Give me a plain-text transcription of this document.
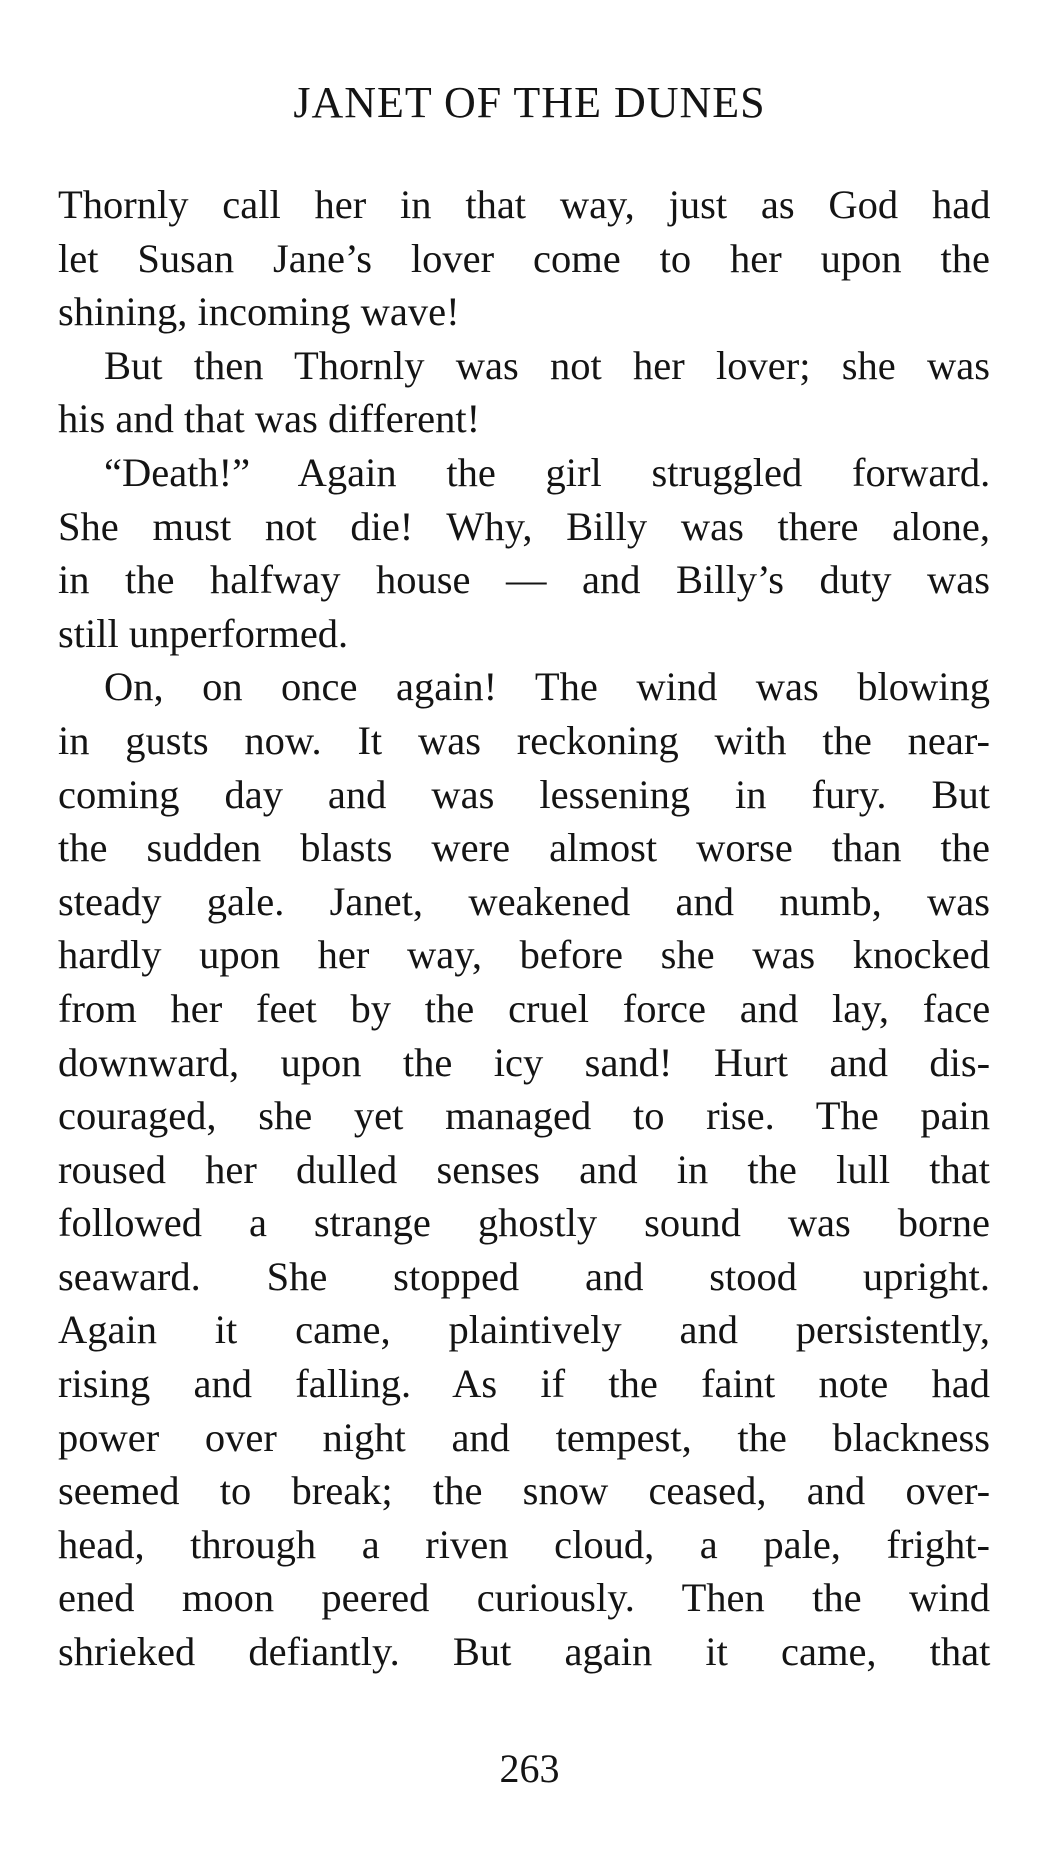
JANET OF THE DUNES

Thornly call her in that way, just as God had
let Susan Jane’s lover come to her upon the
shining, incoming wave!

But then Thornly was not her lover; she was
his and that was different!

“Death!” Again the girl struggled forward.
She must not die! Why, Billy was there alone,
in the halfway house — and Billy’s duty was
still unperformed.

On, on once again! The wind was blowing
in gusts now. It was reckoning with the near-
coming day and was lessening in fury. But
the sudden blasts were almost worse than the
steady gale. Janet, weakened and numb, was
hardly upon her way, before she was knocked
from her feet by the cruel force and lay, face
downward, upon the icy sand! Hurt and dis-
couraged, she yet managed to rise. The pain
roused her dulled senses and in the lull that
followed a strange ghostly sound was borne
seaward. She stopped and stood upright.
Again it came, plaintively and persistently,
rising and falling. As if the faint note had
power over night and tempest, the blackness
seemed to break; the snow ceased, and over-
head, through a riven cloud, a pale, fright-
ened moon peered curiously. Then the wind
shrieked defiantly. But again it came, that

263
